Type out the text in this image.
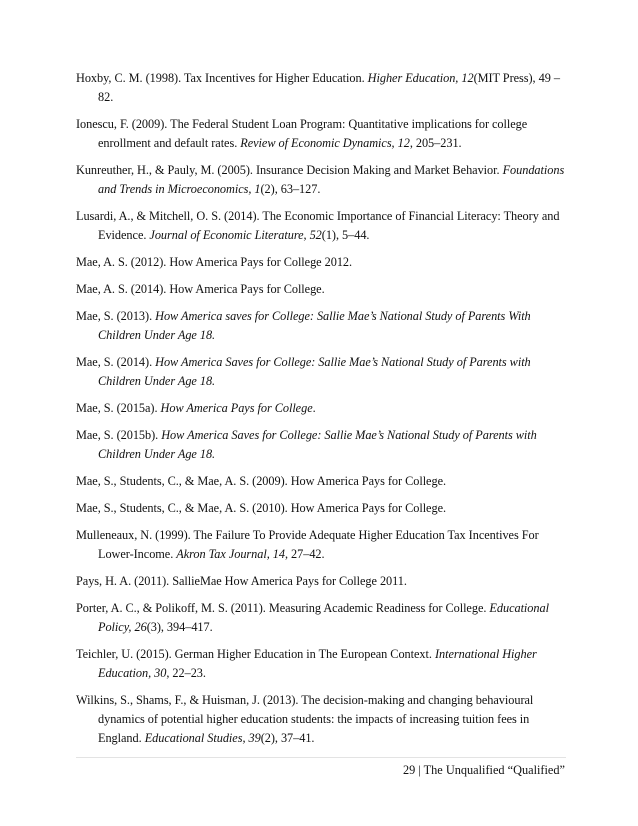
Hoxby, C. M. (1998). Tax Incentives for Higher Education. Higher Education, 12(MIT Press), 49 – 82.

Ionescu, F. (2009). The Federal Student Loan Program: Quantitative implications for college enrollment and default rates. Review of Economic Dynamics, 12, 205–231.

Kunreuther, H., & Pauly, M. (2005). Insurance Decision Making and Market Behavior. Foundations and Trends in Microeconomics, 1(2), 63–127.

Lusardi, A., & Mitchell, O. S. (2014). The Economic Importance of Financial Literacy: Theory and Evidence. Journal of Economic Literature, 52(1), 5–44.

Mae, A. S. (2012). How America Pays for College 2012.

Mae, A. S. (2014). How America Pays for College.

Mae, S. (2013). How America saves for College: Sallie Mae’s National Study of Parents With Children Under Age 18.

Mae, S. (2014). How America Saves for College: Sallie Mae’s National Study of Parents with Children Under Age 18.

Mae, S. (2015a). How America Pays for College.

Mae, S. (2015b). How America Saves for College: Sallie Mae’s National Study of Parents with Children Under Age 18.

Mae, S., Students, C., & Mae, A. S. (2009). How America Pays for College.

Mae, S., Students, C., & Mae, A. S. (2010). How America Pays for College.

Mulleneaux, N. (1999). The Failure To Provide Adequate Higher Education Tax Incentives For Lower-Income. Akron Tax Journal, 14, 27–42.

Pays, H. A. (2011). SallieMae How America Pays for College 2011.

Porter, A. C., & Polikoff, M. S. (2011). Measuring Academic Readiness for College. Educational Policy, 26(3), 394–417.

Teichler, U. (2015). German Higher Education in The European Context. International Higher Education, 30, 22–23.

Wilkins, S., Shams, F., & Huisman, J. (2013). The decision-making and changing behavioural dynamics of potential higher education students: the impacts of increasing tuition fees in England. Educational Studies, 39(2), 37–41.

29 | The Unqualified “Qualified”
